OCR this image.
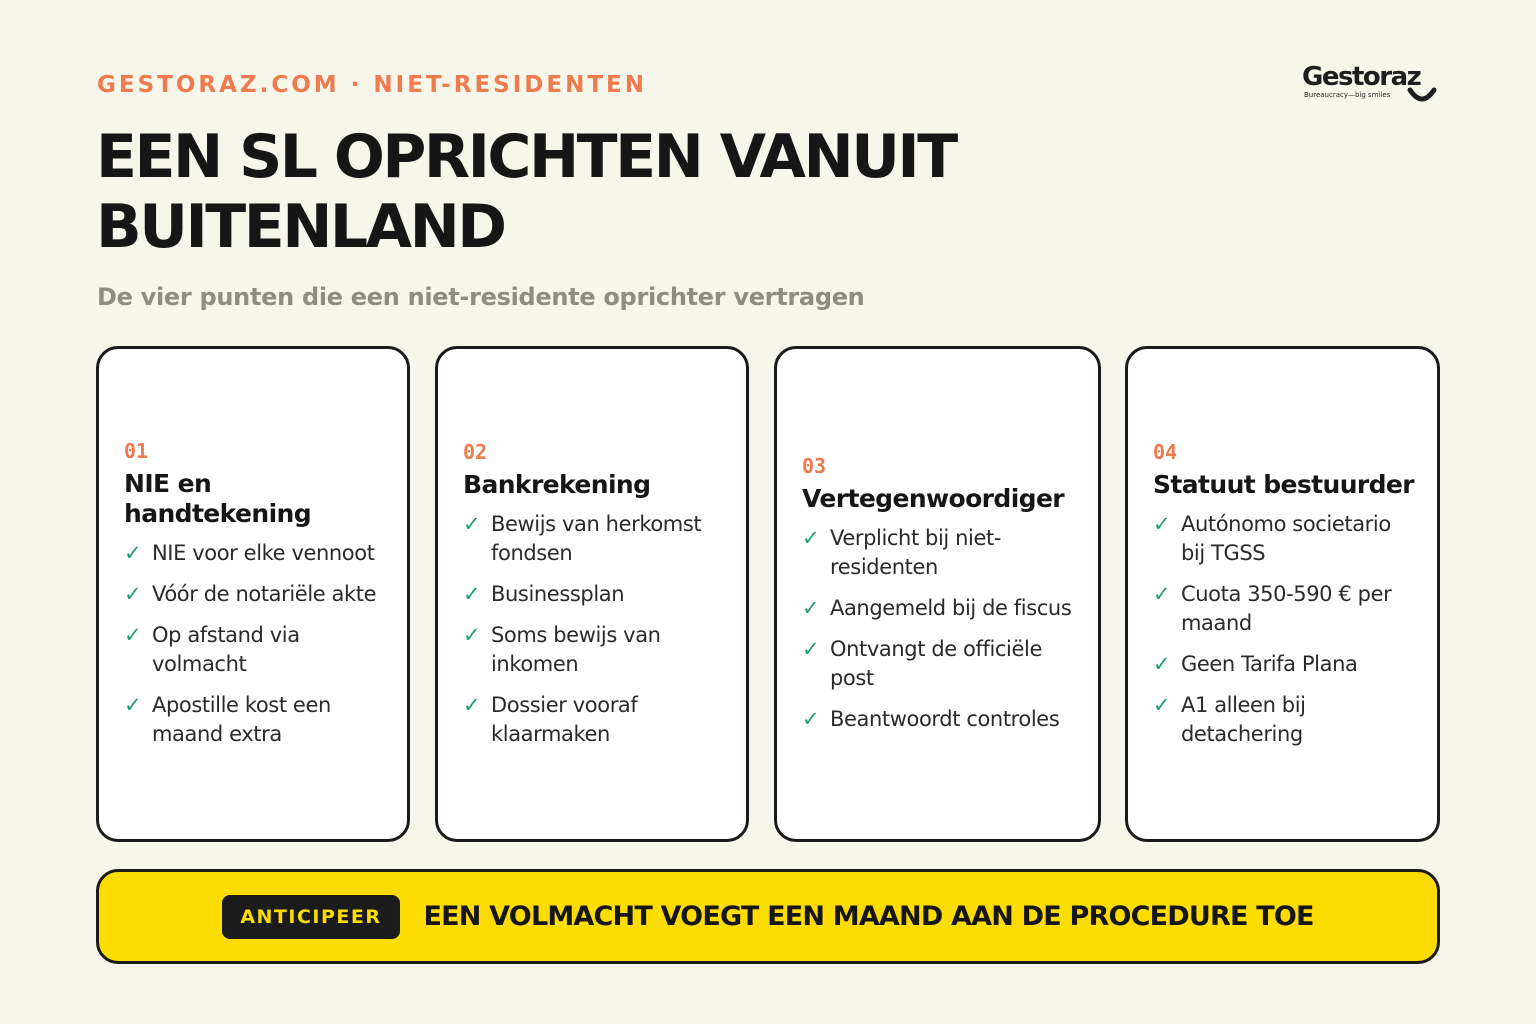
GESTORAZ.COM · NIET-RESIDENTEN	Gestoraz
Bureaucracy—big smiles
EEN SL OPRICHTEN VANUIT
BUITENLAND
De vier punten die een niet-residente oprichter vertragen
01
NIE en handtekening
✓ NIE voor elke vennoot
✓ Vóór de notariële akte
✓ Op afstand via volmacht
✓ Apostille kost een maand extra
02
Bankrekening
✓ Bewijs van herkomst fondsen
✓ Businessplan
✓ Soms bewijs van inkomen
✓ Dossier vooraf klaarmaken
03
Vertegenwoordiger
✓ Verplicht bij niet-residenten
✓ Aangemeld bij de fiscus
✓ Ontvangt de officiële post
✓ Beantwoordt controles
04
Statuut bestuurder
✓ Autónomo societario bij TGSS
✓ Cuota 350-590 € per maand
✓ Geen Tarifa Plana
✓ A1 alleen bij detachering
ANTICIPEER	EEN VOLMACHT VOEGT EEN MAAND AAN DE PROCEDURE TOE
